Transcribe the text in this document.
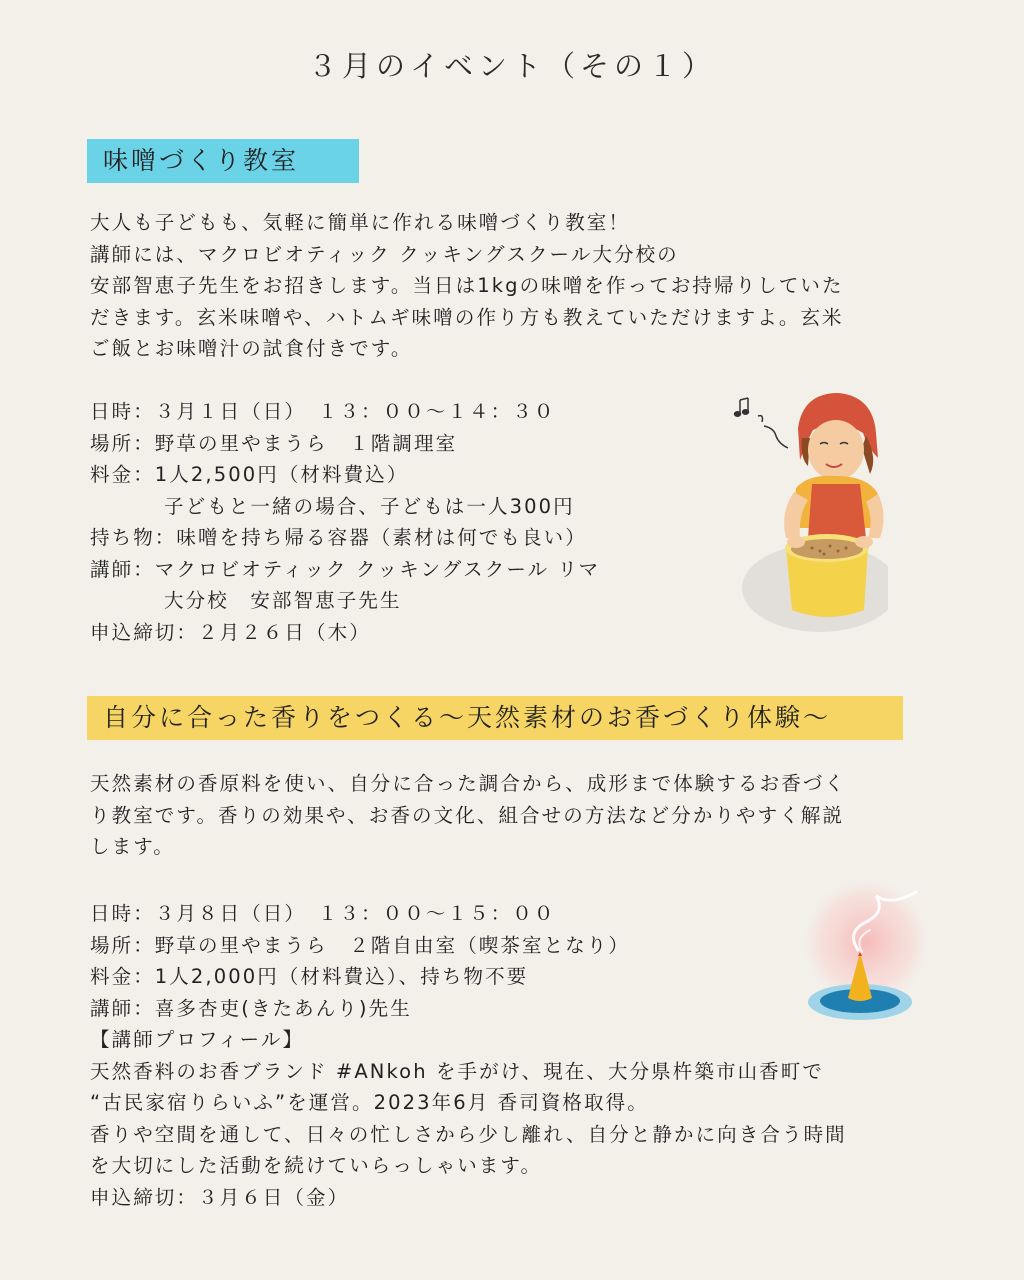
３月のイベント（その１）
味噌づくり教室

大人も子どもも、気軽に簡単に作れる味噌づくり教室！

講師には、マクロビオティック クッキングスクール大分校の

安部智恵子先生をお招きします。当日は1kgの味噌を作ってお持帰りしていた

だきます。玄米味噌や、ハトムギ味噌の作り方も教えていただけますよ。玄米

ご飯とお味噌汁の試食付きです。

日時：３月１日（日）　１３：００～１４：３０
場所：野草の里やまうら　１階調理室
料金：1人2,500円（材料費込）
子どもと一緒の場合、子どもは一人300円
持ち物：味噌を持ち帰る容器（素材は何でも良い）
講師：マクロビオティック クッキングスクール リマ
大分校　安部智恵子先生
申込締切：２月２６日（木）
自分に合った香りをつくる～天然素材のお香づくり体験～

天然素材の香原料を使い、自分に合った調合から、成形まで体験するお香づく

り教室です。香りの効果や、お香の文化、組合せの方法など分かりやすく解説

します。

日時：３月８日（日）　１３：００～１５：００
場所：野草の里やまうら　２階自由室（喫茶室となり）
料金：1人2,000円（材料費込）、持ち物不要
講師：喜多杏吏(きたあんり)先生
【講師プロフィール】
天然香料のお香ブランド #ANkoh を手がけ、現在、大分県杵築市山香町で
“古民家宿りらいふ”を運営。2023年6月 香司資格取得。
香りや空間を通して、日々の忙しさから少し離れ、自分と静かに向き合う時間
を大切にした活動を続けていらっしゃいます。
申込締切：３月６日（金）
